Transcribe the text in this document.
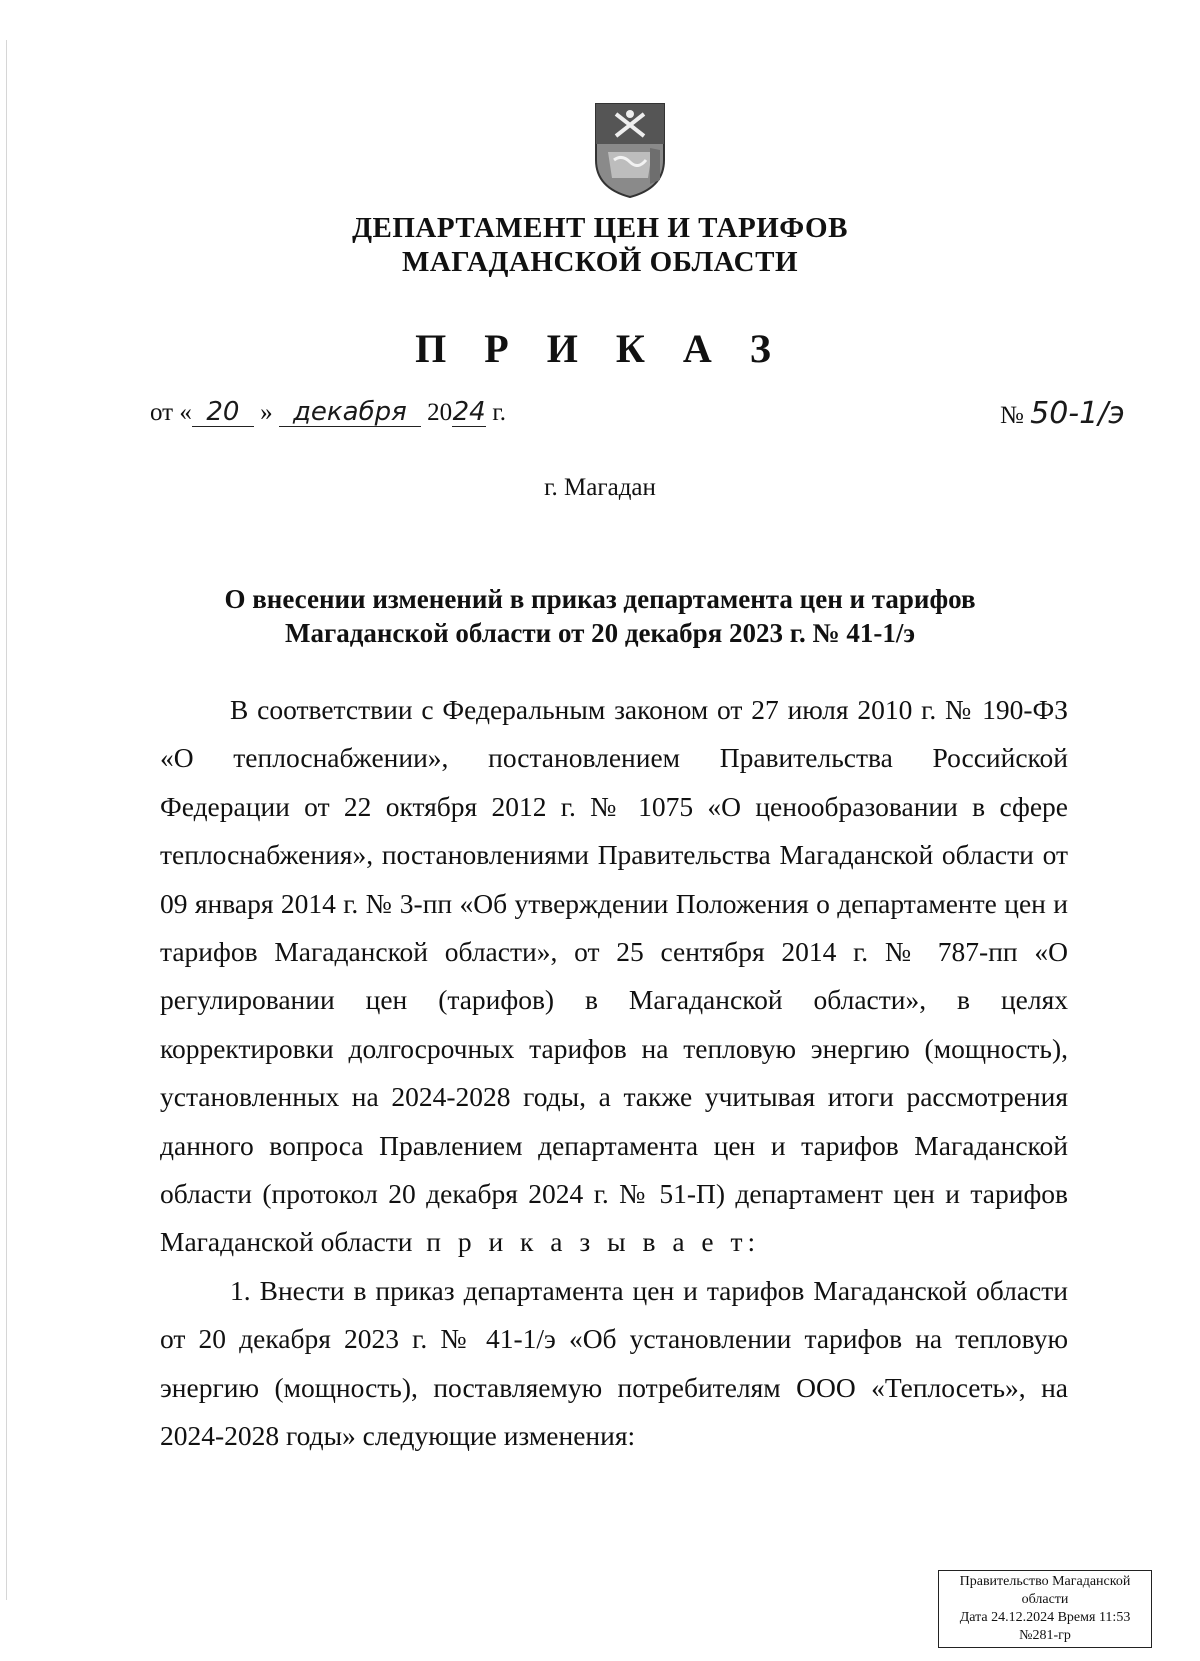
ДЕПАРТАМЕНТ ЦЕН И ТАРИФОВ
МАГАДАНСКОЙ ОБЛАСТИ
П Р И К А З
от « 20 » декабря 2024 г.	№ 50-1/э
г. Магадан
О внесении изменений в приказ департамента цен и тарифов
Магаданской области от 20 декабря 2023 г. № 41-1/э

В соответствии с Федеральным законом от 27 июля 2010 г. № 190-ФЗ «О теплоснабжении», постановлением Правительства Российской Федерации от 22 октября 2012 г. № 1075 «О ценообразовании в сфере теплоснабжения», постановлениями Правительства Магаданской области от 09 января 2014 г. № 3-пп «Об утверждении Положения о департаменте цен и тарифов Магаданской области», от 25 сентября 2014 г. № 787-пп «О регулировании цен (тарифов) в Магаданской области», в целях корректировки долгосрочных тарифов на тепловую энергию (мощность), установленных на 2024-2028 годы, а также учитывая итоги рассмотрения данного вопроса Правлением департамента цен и тарифов Магаданской области (протокол 20 декабря 2024 г. № 51-П) департамент цен и тарифов Магаданской области п р и к а з ы в а е т:

1. Внести в приказ департамента цен и тарифов Магаданской области от 20 декабря 2023 г. № 41-1/э «Об установлении тарифов на тепловую энергию (мощность), поставляемую потребителям ООО «Теплосеть», на 2024-2028 годы» следующие изменения:

Правительство Магаданской
области
Дата 24.12.2024 Время 11:53
№281-гр
